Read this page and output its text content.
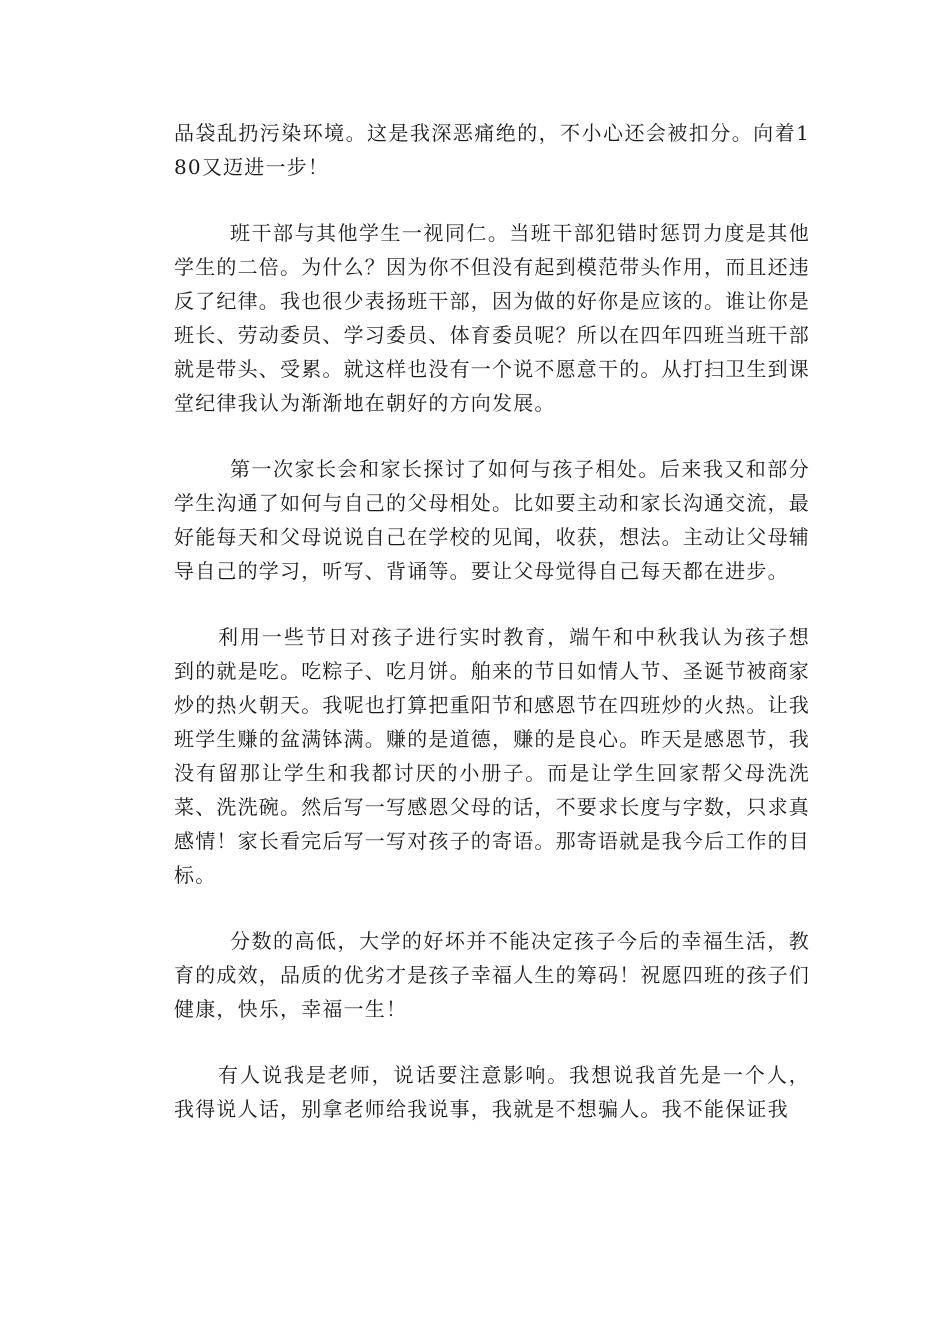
品袋乱扔污染环境。这是我深恶痛绝的，不小心还会被扣分。向着180又迈进一步！

班干部与其他学生一视同仁。当班干部犯错时惩罚力度是其他学生的二倍。为什么？因为你不但没有起到模范带头作用，而且还违反了纪律。我也很少表扬班干部，因为做的好你是应该的。谁让你是班长、劳动委员、学习委员、体育委员呢？所以在四年四班当班干部就是带头、受累。就这样也没有一个说不愿意干的。从打扫卫生到课堂纪律我认为渐渐地在朝好的方向发展。

第一次家长会和家长探讨了如何与孩子相处。后来我又和部分学生沟通了如何与自己的父母相处。比如要主动和家长沟通交流，最好能每天和父母说说自己在学校的见闻，收获，想法。主动让父母辅导自己的学习，听写、背诵等。要让父母觉得自己每天都在进步。

利用一些节日对孩子进行实时教育，端午和中秋我认为孩子想到的就是吃。吃粽子、吃月饼。舶来的节日如情人节、圣诞节被商家炒的热火朝天。我呢也打算把重阳节和感恩节在四班炒的火热。让我班学生赚的盆满钵满。赚的是道德，赚的是良心。昨天是感恩节，我没有留那让学生和我都讨厌的小册子。而是让学生回家帮父母洗洗菜、洗洗碗。然后写一写感恩父母的话，不要求长度与字数，只求真感情！家长看完后写一写对孩子的寄语。那寄语就是我今后工作的目标。

分数的高低，大学的好坏并不能决定孩子今后的幸福生活，教育的成效，品质的优劣才是孩子幸福人生的筹码！祝愿四班的孩子们健康，快乐，幸福一生！

有人说我是老师，说话要注意影响。我想说我首先是一个人，我得说人话，别拿老师给我说事，我就是不想骗人。我不能保证我
